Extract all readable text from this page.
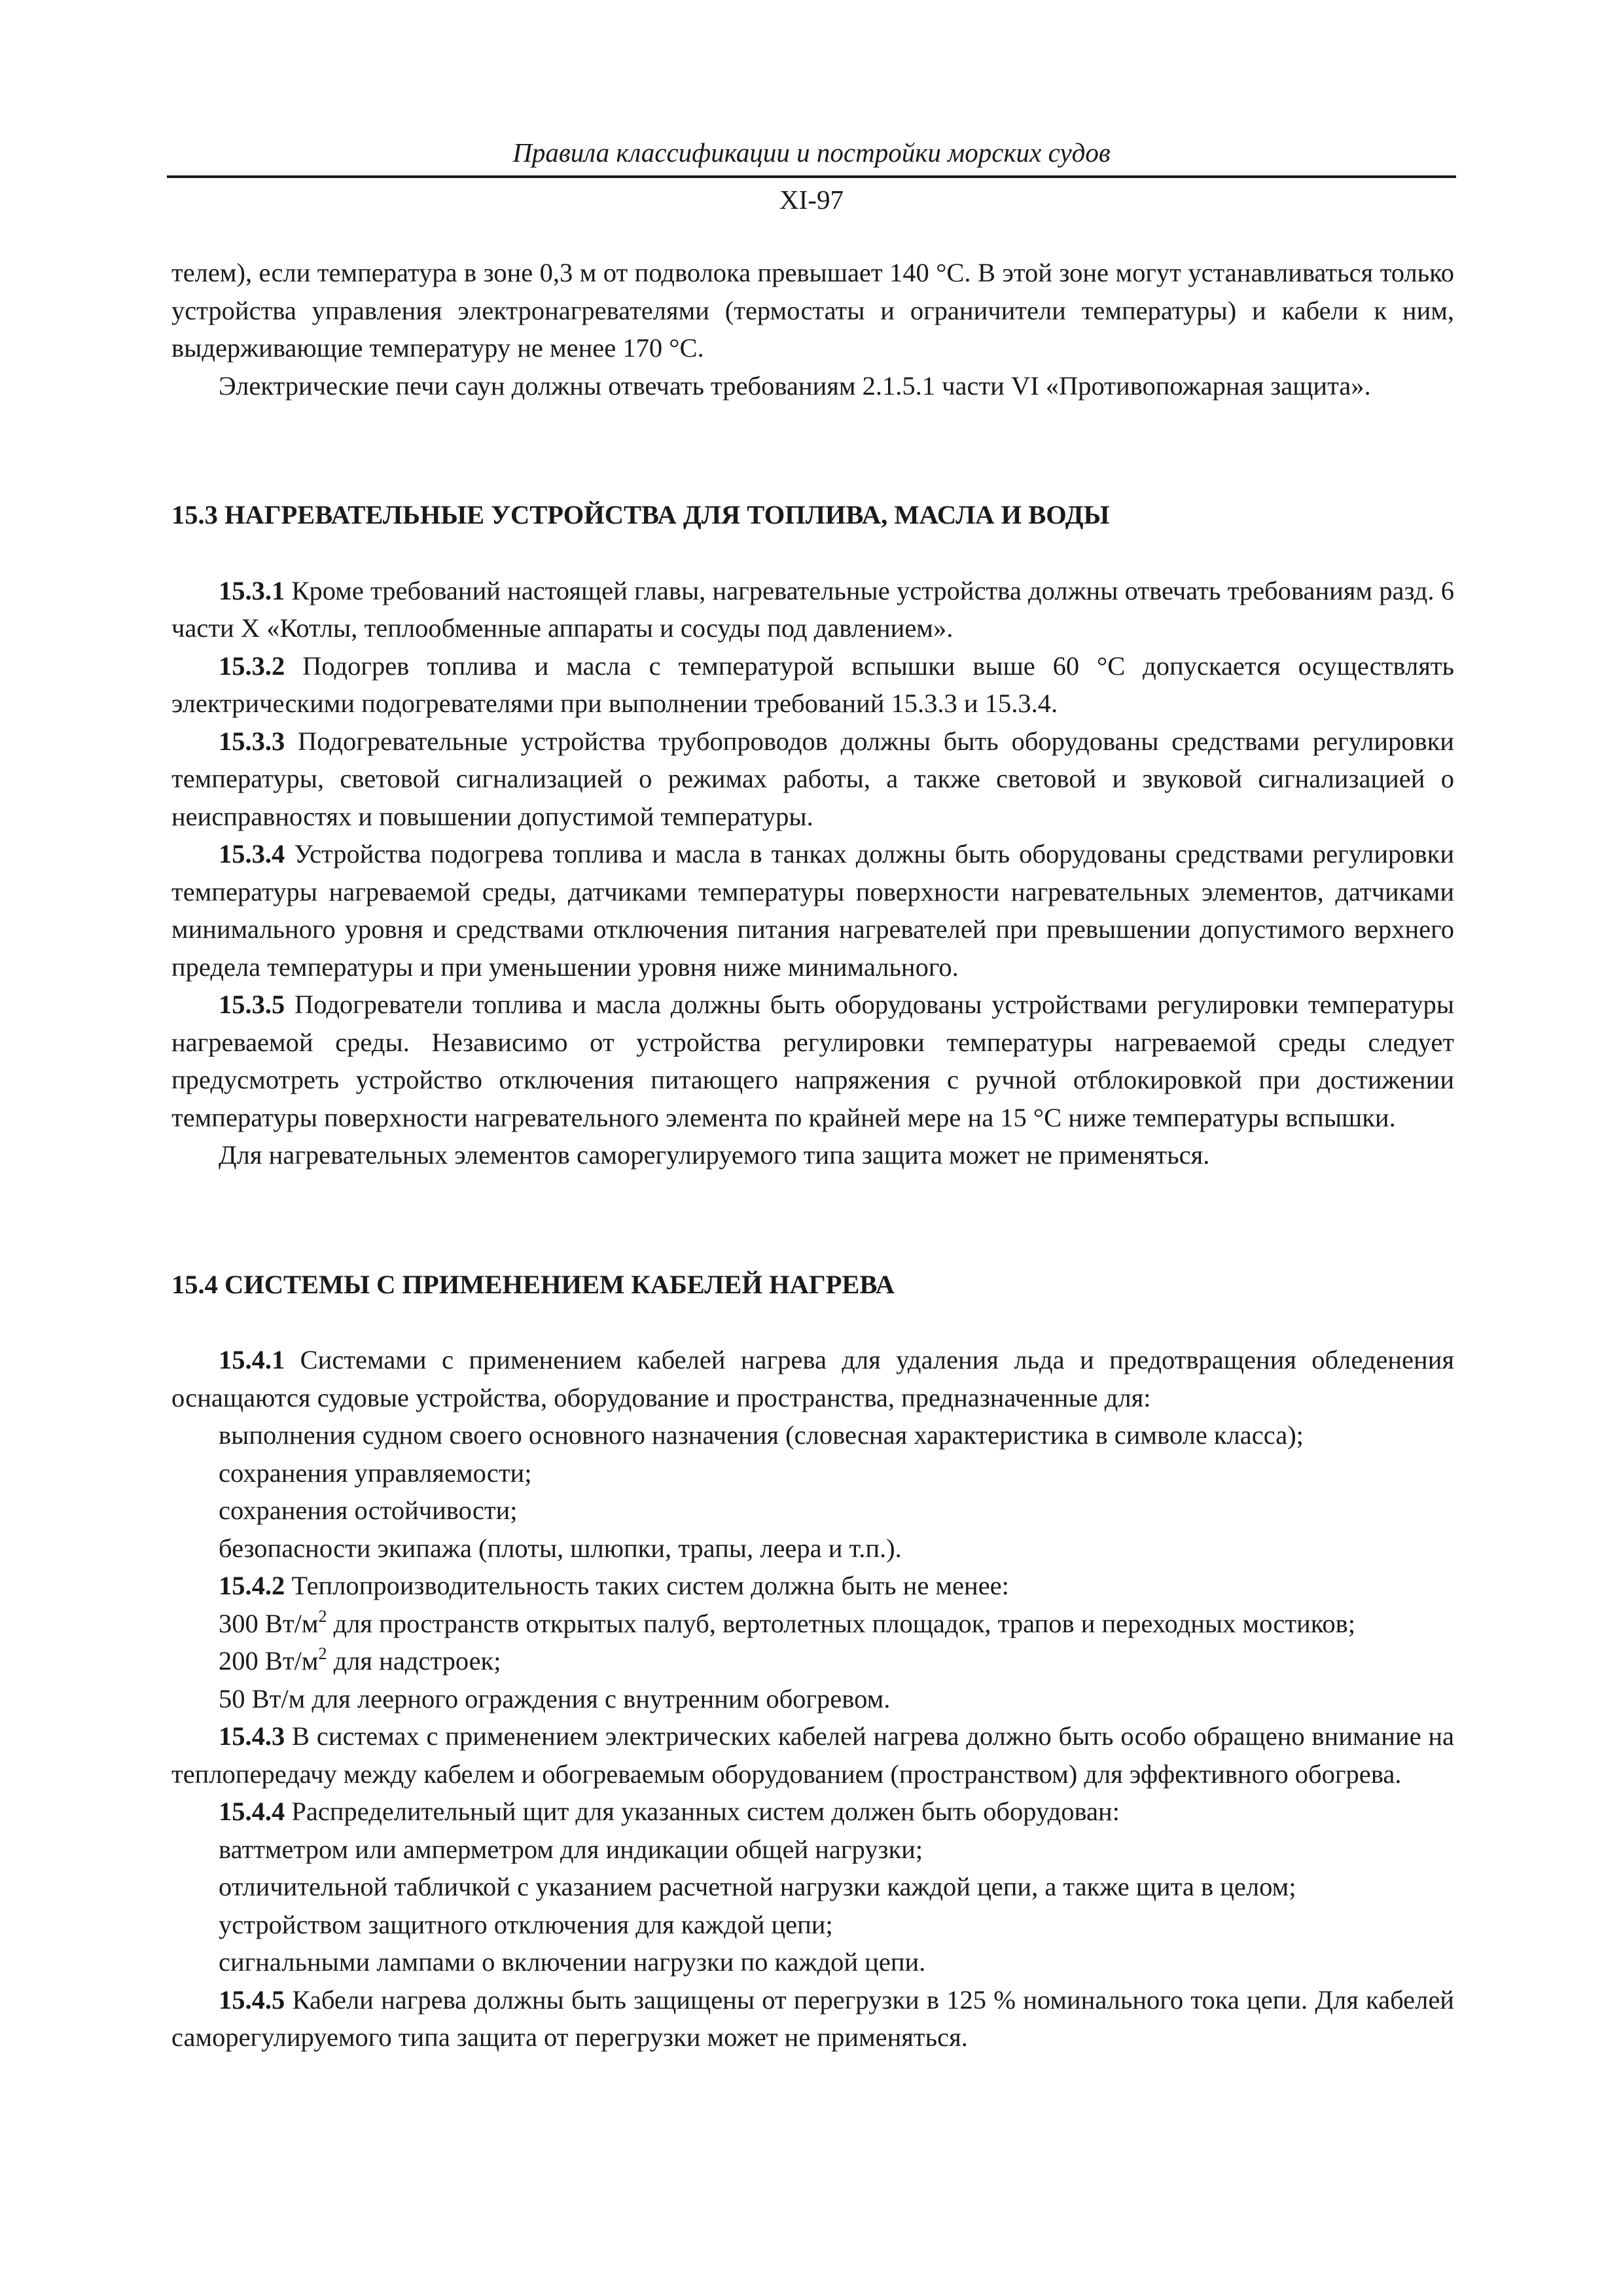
Правила классификации и постройки морских судов
XI-97

телем), если температура в зоне 0,3 м от подволока превышает 140 °С. В этой зоне могут устанавливаться только устройства управления электронагревателями (термостаты и ограничители температуры) и кабели к ним, выдерживающие температуру не менее 170 °С.

Электрические печи саун должны отвечать требованиям 2.1.5.1 части VI «Противопожарная защита».

15.3 НАГРЕВАТЕЛЬНЫЕ УСТРОЙСТВА ДЛЯ ТОПЛИВА, МАСЛА И ВОДЫ

15.3.1 Кроме требований настоящей главы, нагревательные устройства должны отвечать требованиям разд. 6 части X «Котлы, теплообменные аппараты и сосуды под давлением».

15.3.2 Подогрев топлива и масла с температурой вспышки выше 60 °С допускается осуществлять электрическими подогревателями при выполнении требований 15.3.3 и 15.3.4.

15.3.3 Подогревательные устройства трубопроводов должны быть оборудованы средствами регулировки температуры, световой сигнализацией о режимах работы, а также световой и звуковой сигнализацией о неисправностях и повышении допустимой температуры.

15.3.4 Устройства подогрева топлива и масла в танках должны быть оборудованы средствами регулировки температуры нагреваемой среды, датчиками температуры поверхности нагревательных элементов, датчиками минимального уровня и средствами отключения питания нагревателей при превышении допустимого верхнего предела температуры и при уменьшении уровня ниже минимального.

15.3.5 Подогреватели топлива и масла должны быть оборудованы устройствами регулировки температуры нагреваемой среды. Независимо от устройства регулировки температуры нагреваемой среды следует предусмотреть устройство отключения питающего напряжения с ручной отблокировкой при достижении температуры поверхности нагревательного элемента по крайней мере на 15 °С ниже температуры вспышки.

Для нагревательных элементов саморегулируемого типа защита может не применяться.

15.4 СИСТЕМЫ С ПРИМЕНЕНИЕМ КАБЕЛЕЙ НАГРЕВА

15.4.1 Системами с применением кабелей нагрева для удаления льда и предотвращения обледенения оснащаются судовые устройства, оборудование и пространства, предназначенные для:

выполнения судном своего основного назначения (словесная характеристика в символе класса);

сохранения управляемости;

сохранения остойчивости;

безопасности экипажа (плоты, шлюпки, трапы, леера и т.п.).

15.4.2 Теплопроизводительность таких систем должна быть не менее:

300 $Вт/м^2$ для пространств открытых палуб, вертолетных площадок, трапов и переходных мостиков;

200 $Вт/м^2$ для надстроек;

50 Вт/м для леерного ограждения с внутренним обогревом.

15.4.3 В системах с применением электрических кабелей нагрева должно быть особо обращено внимание на теплопередачу между кабелем и обогреваемым оборудованием (пространством) для эффективного обогрева.

15.4.4 Распределительный щит для указанных систем должен быть оборудован:

ваттметром или амперметром для индикации общей нагрузки;

отличительной табличкой с указанием расчетной нагрузки каждой цепи, а также щита в целом;

устройством защитного отключения для каждой цепи;

сигнальными лампами о включении нагрузки по каждой цепи.

15.4.5 Кабели нагрева должны быть защищены от перегрузки в 125 % номинального тока цепи. Для кабелей саморегулируемого типа защита от перегрузки может не применяться.
